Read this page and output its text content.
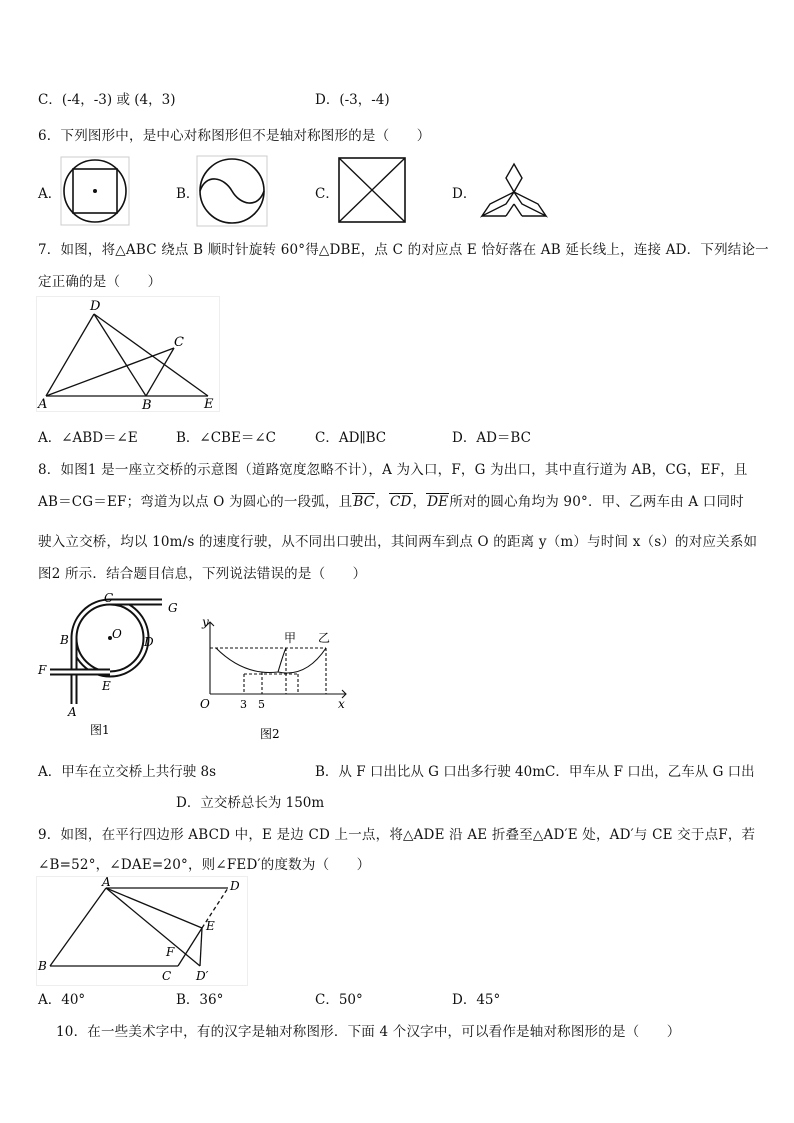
C．(-4，-3) 或 (4，3)	D．(-3，-4)
6．下列图形中，是中心对称图形但不是轴对称图形的是（　　）
A．	B．	C．	D．
7．如图，将△ABC 绕点 B 顺时针旋转 60°得△DBE，点 C 的对应点 E 恰好落在 AB 延长线上，连接 AD．下列结论一
定正确的是（　　）
D
C
A	B	E
A．∠ABD＝∠E	B．∠CBE＝∠C	C．AD∥BC	D．AD＝BC
8．如图1 是一座立交桥的示意图（道路宽度忽略不计），A 为入口，F，G 为出口，其中直行道为 AB，CG，EF，且
AB＝CG＝EF；弯道为以点 O 为圆心的一段弧，且BC，CD，DE所对的圆心角均为 90°．甲、乙两车由 A 口同时
驶入立交桥，均以 10m/s 的速度行驶，从不同出口驶出，其间两车到点 O 的距离 y（m）与时间 x（s）的对应关系如
图2 所示．结合题目信息，下列说法错误的是（　　）
C
G
B	O
D
F
E
A
图1
y
x
O	3 5
甲 乙
图2
A．甲车在立交桥上共行驶 8s	B．从 F 口出比从 G 口出多行驶 40mC．甲车从 F 口出，乙车从 G 口出
D．立交桥总长为 150m
9．如图，在平行四边形 ABCD 中，E 是边 CD 上一点，将△ADE 沿 AE 折叠至△AD′E 处，AD′与 CE 交于点F，若
∠B=52°，∠DAE=20°，则∠FED′的度数为（　　）
A	D
E
F
B
C D′
A．40°	B．36°	C．50°	D．45°
10．在一些美术字中，有的汉字是轴对称图形．下面 4 个汉字中，可以看作是轴对称图形的是（　　）
